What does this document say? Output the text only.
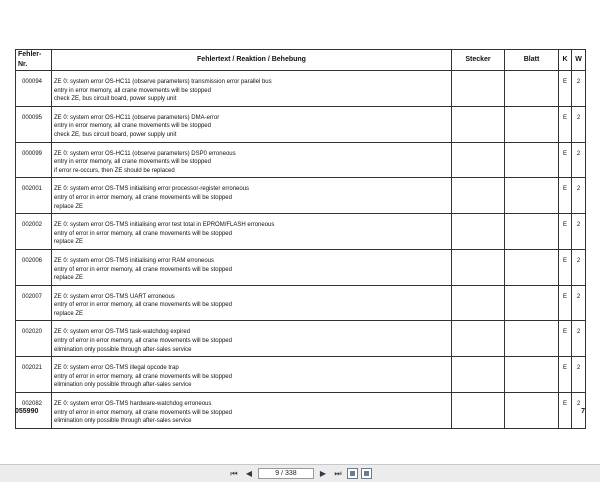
Fehler-Nr.	Fehlertext / Reaktion / Behebung	Stecker	Blatt	K	W
000094	ZE 0: system error OS-HC11 (observe parameters) transmission error parallel bus
entry in error memory, all crane movements will be stopped
check ZE, bus circuit board, power supply unit			E	2
000095	ZE 0: system error OS-HC11 (observe parameters) DMA-error
entry in error memory, all crane movements will be stopped
check ZE, bus circuit board, power supply unit			E	2
000099	ZE 0: system error OS-HC11 (observe parameters) DSP0 erroneous
entry in error memory, all crane movements will be stopped
if error re-occurs, then ZE should be replaced			E	2
002001	ZE 0: system error OS-TMS initialising error processor-register erroneous
entry of error in error memory, all crane movements will be stopped
replace ZE			E	2
002002	ZE 0: system error OS-TMS initialising error test total in EPROM/FLASH erroneous
entry of error in error memory, all crane movements will be stopped
replace ZE			E	2
002006	ZE 0: system error OS-TMS initialising error RAM erroneous
entry of error in error memory, all crane movements will be stopped
replace ZE			E	2
002007	ZE 0: system error OS-TMS UART erroneous
entry of error in error memory, all crane movements will be stopped
replace ZE			E	2
002020	ZE 0: system error OS-TMS task-watchdog expired
entry of error in error memory, all crane movements will be stopped
elimination only possible through after-sales service			E	2
002021	ZE 0: system error OS-TMS illegal opcode trap
entry of error in error memory, all crane movements will be stopped
elimination only possible through after-sales service			E	2
002082	ZE 0: system error OS-TMS hardware-watchdog erroneous
entry of error in error memory, all crane movements will be stopped
elimination only possible through after-sales service			E	2
055990	7
⏮	◀
9 / 338	▶	⏭
